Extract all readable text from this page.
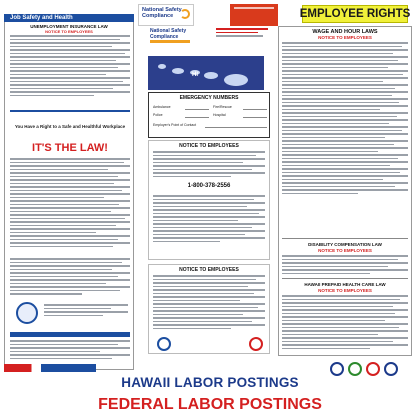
National Safety Compliance	EMPLOYEE RIGHTS
Job Safety and Health
UNEMPLOYMENT INSURANCE LAW
NOTICE TO EMPLOYEES
You Have a Right to a Safe and Healthful Workplace
IT'S THE LAW!
National Safety Compliance
HI
EMERGENCY NUMBERS
Ambulance	Fire/Rescue
Police	Hospital
Employer's Point of Contact
NOTICE TO EMPLOYEES
1-800-378-2556
NOTICE TO EMPLOYEES
WAGE AND HOUR LAWS
NOTICE TO EMPLOYEES
DISABILITY COMPENSATION LAW
NOTICE TO EMPLOYEES
HAWAII PREPAID HEALTH CARE LAW
NOTICE TO EMPLOYEES
HAWAII LABOR POSTINGS
FEDERAL LABOR POSTINGS
